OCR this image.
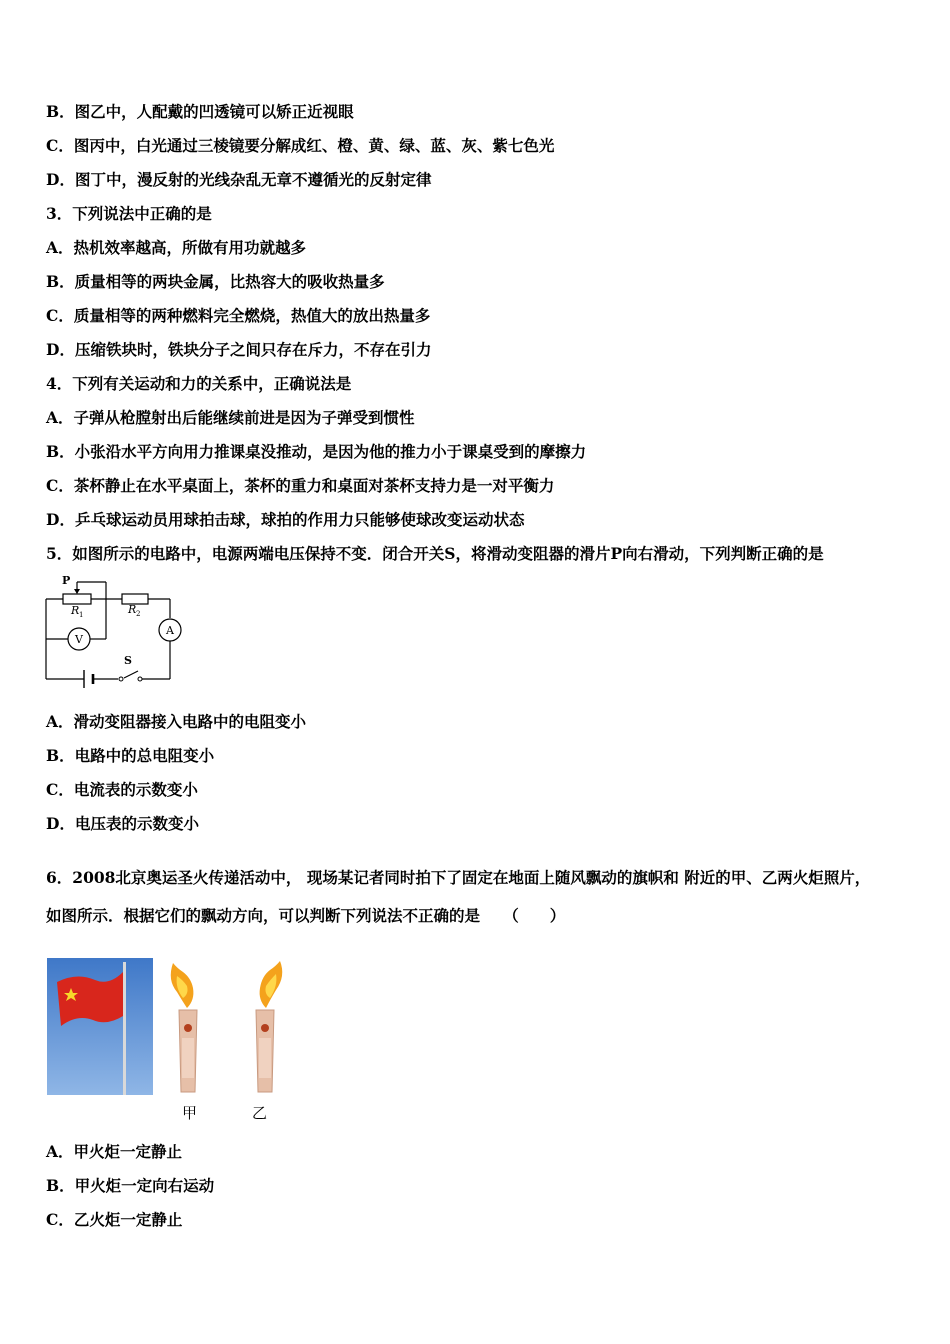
B．图乙中，人配戴的凹透镜可以矫正近视眼
C．图丙中，白光通过三棱镜要分解成红、橙、黄、绿、蓝、灰、紫七色光
D．图丁中，漫反射的光线杂乱无章不遵循光的反射定律
3．下列说法中正确的是
A．热机效率越高，所做有用功就越多
B．质量相等的两块金属，比热容大的吸收热量多
C．质量相等的两种燃料完全燃烧，热值大的放出热量多
D．压缩铁块时，铁块分子之间只存在斥力，不存在引力
4．下列有关运动和力的关系中，正确说法是
A．子弹从枪膛射出后能继续前进是因为子弹受到惯性
B．小张沿水平方向用力推课桌没推动，是因为他的推力小于课桌受到的摩擦力
C．茶杯静止在水平桌面上，茶杯的重力和桌面对茶杯支持力是一对平衡力
D．乒乓球运动员用球拍击球，球拍的作用力只能够使球改变运动状态
5．如图所示的电路中，电源两端电压保持不变．闭合开关S，将滑动变阻器的滑片P向右滑动，下列判断正确的是
P
R 1	R 2
V
A
S
A．滑动变阻器接入电路中的电阻变小
B．电路中的总电阻变小
C．电流表的示数变小
D．电压表的示数变小
6．2008北京奥运圣火传递活动中， 现场某记者同时拍下了固定在地面上随风飘动的旗帜和 附近的甲、乙两火炬照片，
如图所示．根据它们的飘动方向，可以判断下列说法不正确的是　　（　　）
甲	乙
A．甲火炬一定静止
B．甲火炬一定向右运动
C．乙火炬一定静止
